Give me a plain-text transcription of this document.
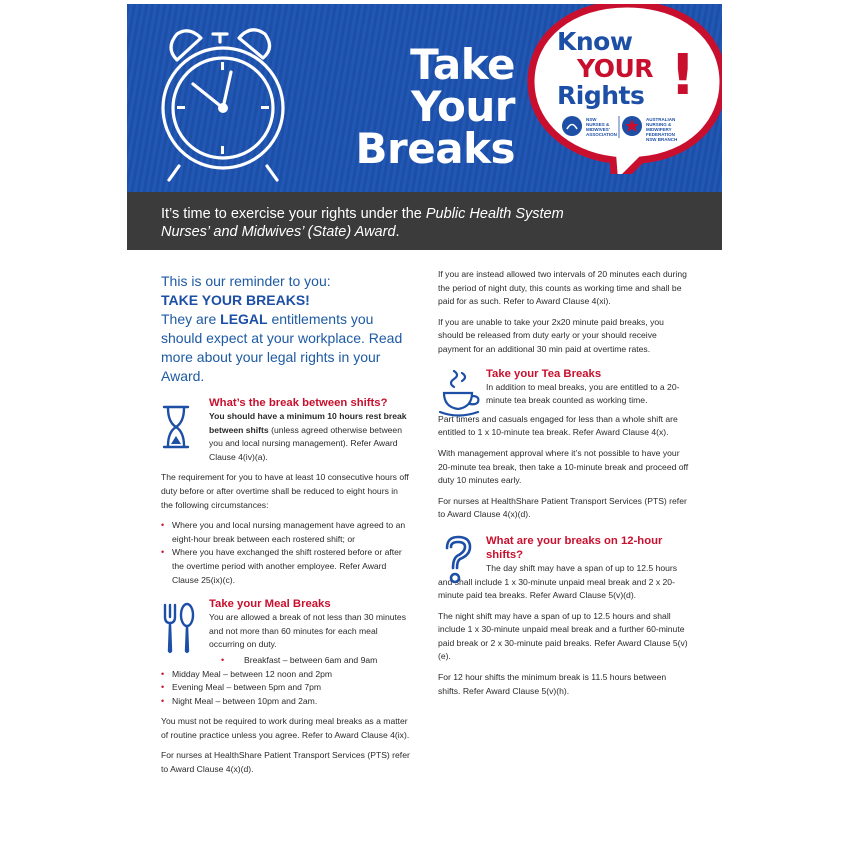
Take
Your
Breaks
Know
YOUR
Rights !
NSW NURSES & MIDWIVES' ASSOCIATION
AUSTRALIAN NURSING & MIDWIFERY FEDERATION NSW BRANCH

It’s time to exercise your rights under the Public Health System Nurses’ and Midwives’ (State) Award.

This is our reminder to you:
TAKE YOUR BREAKS!
They are LEGAL entitlements you should expect at your workplace. Read more about your legal rights in your Award.

What’s the break between shifts?

You should have a minimum 10 hours rest break between shifts (unless agreed otherwise between you and local nursing management). Refer Award Clause 4(iv)(a).

The requirement for you to have at least 10 consecutive hours off duty before or after overtime shall be reduced to eight hours in the following circumstances:

• Where you and local nursing management have agreed to an eight-hour break between each rostered shift; or
• Where you have exchanged the shift rostered before or after the overtime period with another employee. Refer Award Clause 25(ix)(c).

Take your Meal Breaks

You are allowed a break of not less than 30 minutes and not more than 60 minutes for each meal occurring on duty.

• Breakfast – between 6am and 9am
• Midday Meal – between 12 noon and 2pm
• Evening Meal – between 5pm and 7pm
• Night Meal – between 10pm and 2am.

You must not be required to work during meal breaks as a matter of routine practice unless you agree. Refer to Award Clause 4(ix).

For nurses at HealthShare Patient Transport Services (PTS) refer to Award Clause 4(x)(d).

If you are instead allowed two intervals of 20 minutes each during the period of night duty, this counts as working time and shall be paid for as such. Refer to Award Clause 4(xi).

If you are unable to take your 2x20 minute paid breaks, you should be released from duty early or your should receive payment for an additional 30 min paid at overtime rates.

Take your Tea Breaks

In addition to meal breaks, you are entitled to a 20-minute tea break counted as working time.

Part timers and casuals engaged for less than a whole shift are entitled to 1 x 10-minute tea break. Refer Award Clause 4(x).

With management approval where it’s not possible to have your 20-minute tea break, then take a 10-minute break and proceed off duty 10 minutes early.

For nurses at HealthShare Patient Transport Services (PTS) refer to Award Clause 4(x)(d).

What are your breaks on 12-hour shifts?

The day shift may have a span of up to 12.5 hours and shall include 1 x 30-minute unpaid meal break and 2 x 20-minute paid tea breaks. Refer Award Clause 5(v)(d).

The night shift may have a span of up to 12.5 hours and shall include 1 x 30-minute unpaid meal break and a further 60-minute paid break or 2 x 30-minute paid breaks. Refer Award Clause 5(v)(e).

For 12 hour shifts the minimum break is 11.5 hours between shifts. Refer Award Clause 5(v)(h).
